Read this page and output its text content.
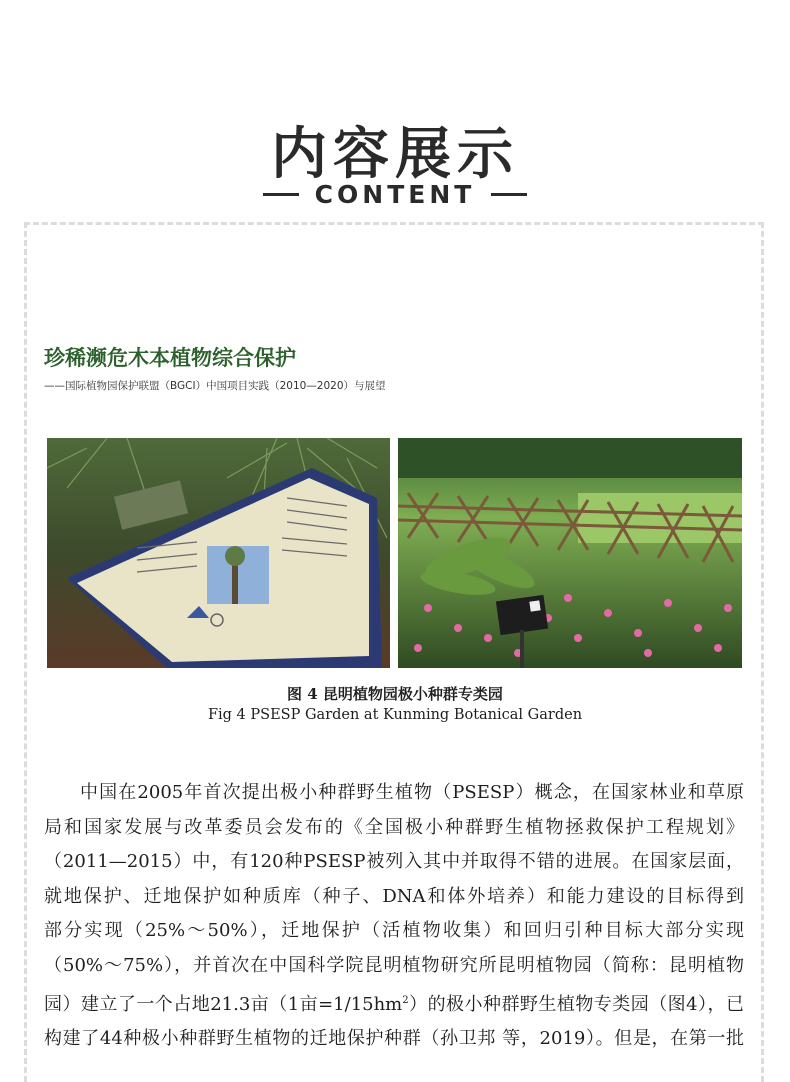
内容展示
CONTENT
珍稀濒危木本植物综合保护
——国际植物园保护联盟（BGCI）中国项目实践（2010—2020）与展望
图 4 昆明植物园极小种群专类园
Fig 4 PSESP Garden at Kunming Botanical Garden
中国在2005年首次提出极小种群野生植物（PSESP）概念，在国家林业和草原
局和国家发展与改革委员会发布的《全国极小种群野生植物拯救保护工程规划》
（2011—2015）中，有120种PSESP被列入其中并取得不错的进展。在国家层面，
就地保护、迁地保护如种质库（种子、DNA和体外培养）和能力建设的目标得到
部分实现（25%～50%），迁地保护（活植物收集）和回归引种目标大部分实现
（50%～75%），并首次在中国科学院昆明植物研究所昆明植物园（简称：昆明植物
园）建立了一个占地21.3亩（1亩$=1/15hm^2$）的极小种群野生植物专类园（图4），已
构建了44种极小种群野生植物的迁地保护种群（孙卫邦 等，2019）。但是，在第一批
